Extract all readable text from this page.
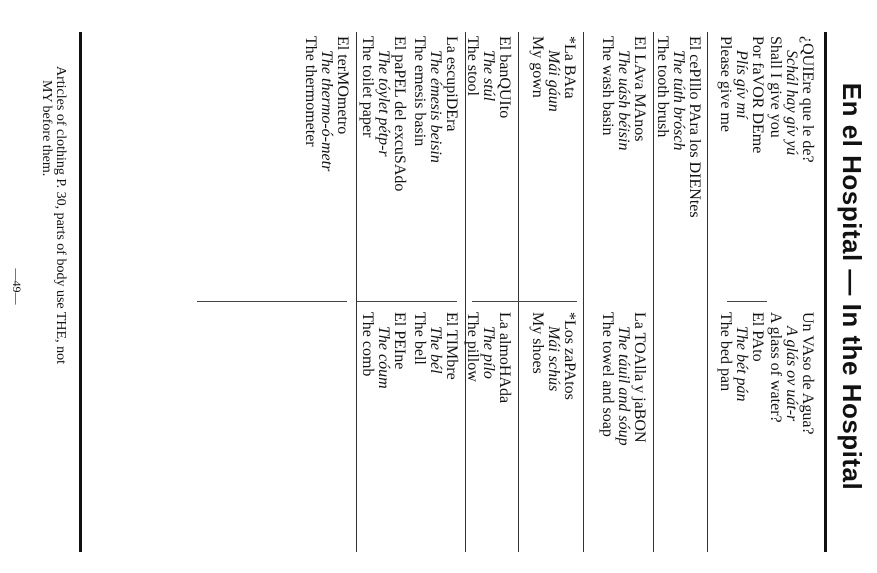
En el Hospital — In the Hospital
¿QUIEre que le de?
Schál hay gív yú
Shall I give you
Un VAso de Agua?
A glás ov uát-r
A glass of water?
Por faVOR DEme
Plís gív mí
Please give me
El PAto
The bét pán
The bed pan
El cePIllo PAra los DIENtes
The túth brósch
The tooth brush
El LAva MAnos
The uásh béisin
The wash basin
La TOAlla y jaBON
The táuil and sóup
The towel and soap
*La BAta
Mái gáun
My gown
*Los zaPAtos
Mái schús
My shoes
El banQUIto
The stúl
The stool
La almoHAda
The pílo
The pillow
La escupiDEra
The émesis beisin
The emesis basin
El TIMbre
The bél
The bell
El paPEL del excuSAdo
The tóylet pétp-r
The toilet paper
El PEIne
The cóum
The comb
El terMOmetro
The thermo-ó-metr
The thermometer
Articles of clothing P. 30, parts of body use THE, not
MY before them.
—49—
